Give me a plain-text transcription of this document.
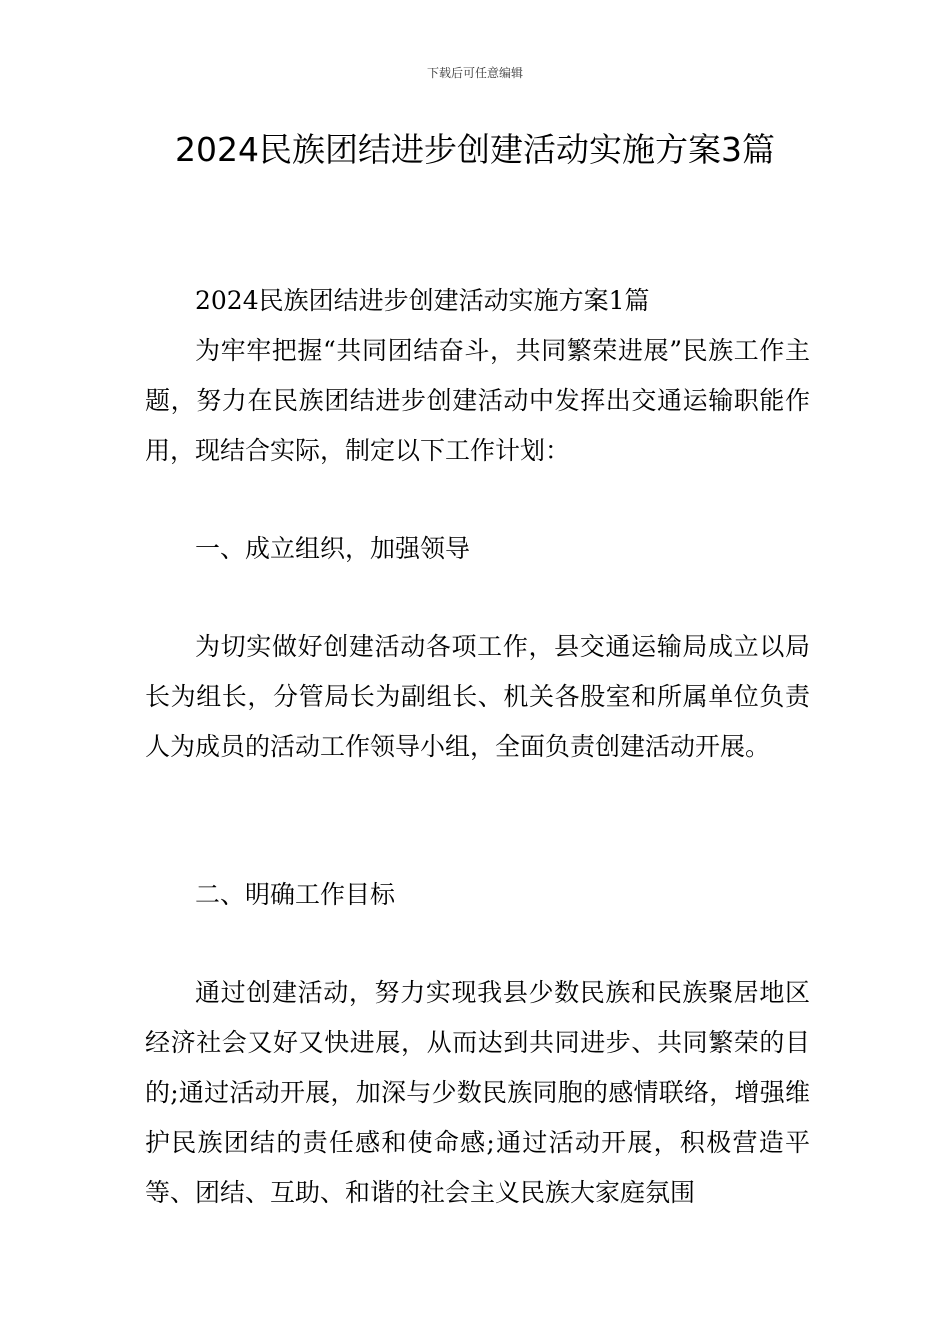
下载后可任意编辑
2024民族团结进步创建活动实施方案3篇

2024民族团结进步创建活动实施方案1篇

为牢牢把握“共同团结奋斗，共同繁荣进展”民族工作主题，努力在民族团结进步创建活动中发挥出交通运输职能作用，现结合实际，制定以下工作计划：

一、成立组织，加强领导

为切实做好创建活动各项工作，县交通运输局成立以局长为组长，分管局长为副组长、机关各股室和所属单位负责人为成员的活动工作领导小组，全面负责创建活动开展。

二、明确工作目标

通过创建活动，努力实现我县少数民族和民族聚居地区经济社会又好又快进展，从而达到共同进步、共同繁荣的目的;通过活动开展，加深与少数民族同胞的感情联络，增强维护民族团结的责任感和使命感;通过活动开展，积极营造平等、团结、互助、和谐的社会主义民族大家庭氛围
